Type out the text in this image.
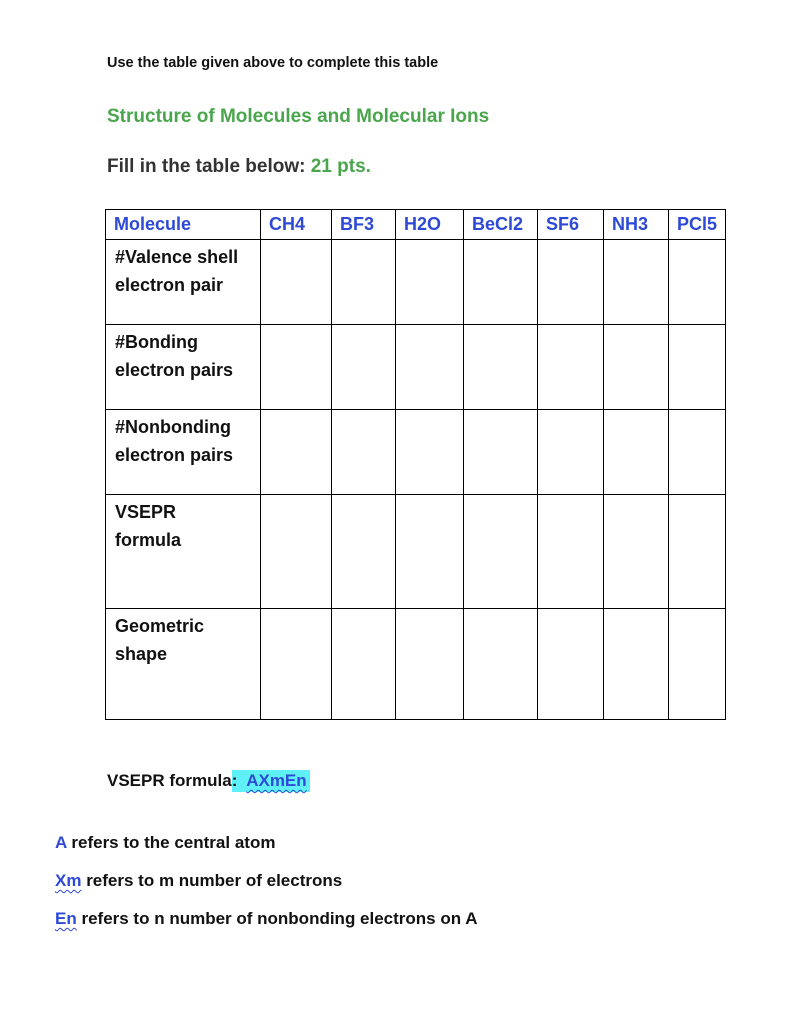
Use the table given above to complete this table
Structure of Molecules and Molecular Ions
Fill in the table below: 21 pts.
Molecule	CH4	BF3	H2O	BeCl2	SF6	NH3	PCl5
#Valence shell
electron pair							
#Bonding
electron pairs							
#Nonbonding
electron pairs							
VSEPR
formula							
Geometric
shape							
VSEPR formula: AXmEn
A refers to the central atom
Xm refers to m number of electrons
En refers to n number of nonbonding electrons on A
